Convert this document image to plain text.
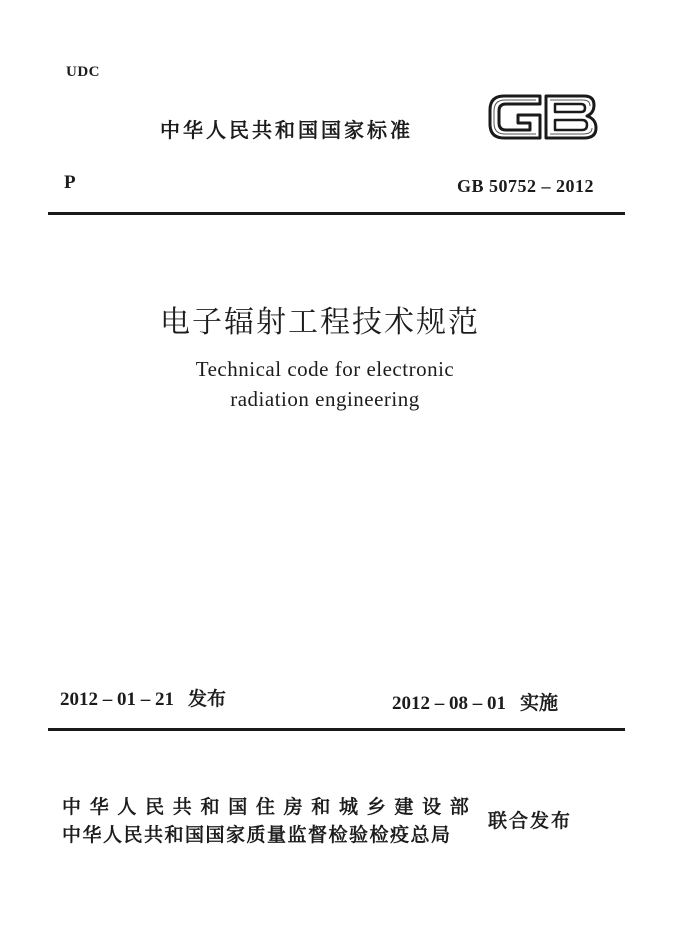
UDC
中华人民共和国国家标准
GB
P	GB 50752 – 2012
电子辐射工程技术规范
Technical code for electronic
radiation engineering
2012 – 01 – 21 发布	2012 – 08 – 01 实施
中华人民共和国住房和城乡建设部
中华人民共和国国家质量监督检验检疫总局
联合发布
